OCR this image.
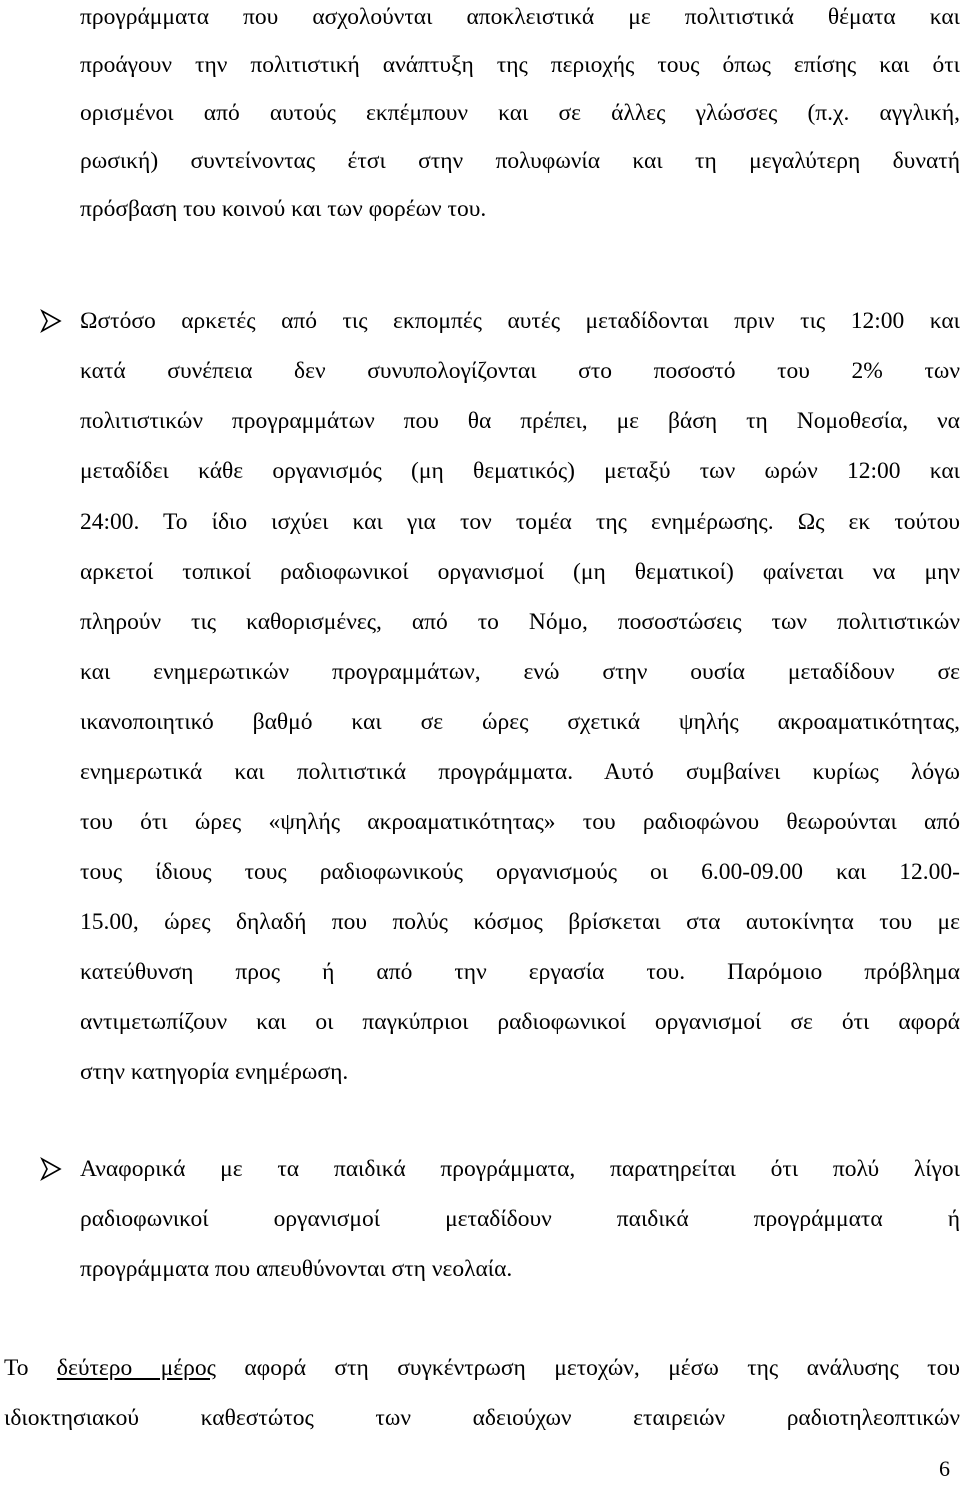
προγράμματα που ασχολούνται αποκλειστικά με πολιτιστικά θέματα και
προάγουν την πολιτιστική ανάπτυξη της περιοχής τους όπως επίσης και ότι
ορισμένοι από αυτούς εκπέμπουν και σε άλλες γλώσσες (π.χ. αγγλική,
ρωσική) συντείνοντας έτσι στην πολυφωνία και τη μεγαλύτερη δυνατή
πρόσβαση του κοινού και των φορέων του.
Ωστόσο αρκετές από τις εκπομπές αυτές μεταδίδονται πριν τις 12:00 και
κατά συνέπεια δεν συνυπολογίζονται στο ποσοστό του 2% των
πολιτιστικών προγραμμάτων που θα πρέπει, με βάση τη Νομοθεσία, να
μεταδίδει κάθε οργανισμός (μη θεματικός) μεταξύ των ωρών 12:00 και
24:00. Το ίδιο ισχύει και για τον τομέα της ενημέρωσης. Ως εκ τούτου
αρκετοί τοπικοί ραδιοφωνικοί οργανισμοί (μη θεματικοί) φαίνεται να μην
πληρούν τις καθορισμένες, από το Νόμο, ποσοστώσεις των πολιτιστικών
και ενημερωτικών προγραμμάτων, ενώ στην ουσία μεταδίδουν σε
ικανοποιητικό βαθμό και σε ώρες σχετικά ψηλής ακροαματικότητας,
ενημερωτικά και πολιτιστικά προγράμματα. Αυτό συμβαίνει κυρίως λόγω
του ότι ώρες «ψηλής ακροαματικότητας» του ραδιοφώνου θεωρούνται από
τους ίδιους τους ραδιοφωνικούς οργανισμούς οι 6.00-09.00 και 12.00-
15.00, ώρες δηλαδή που πολύς κόσμος βρίσκεται στα αυτοκίνητα του με
κατεύθυνση προς ή από την εργασία του. Παρόμοιο πρόβλημα
αντιμετωπίζουν και οι παγκύπριοι ραδιοφωνικοί οργανισμοί σε ότι αφορά
στην κατηγορία ενημέρωση.
Αναφορικά με τα παιδικά προγράμματα, παρατηρείται ότι πολύ λίγοι
ραδιοφωνικοί οργανισμοί μεταδίδουν παιδικά προγράμματα ή
προγράμματα που απευθύνονται στη νεολαία.
Το δεύτερο μέρος αφορά στη συγκέντρωση μετοχών, μέσω της ανάλυσης του
ιδιοκτησιακού καθεστώτος των αδειούχων εταιρειών ραδιοτηλεοπτικών
6
